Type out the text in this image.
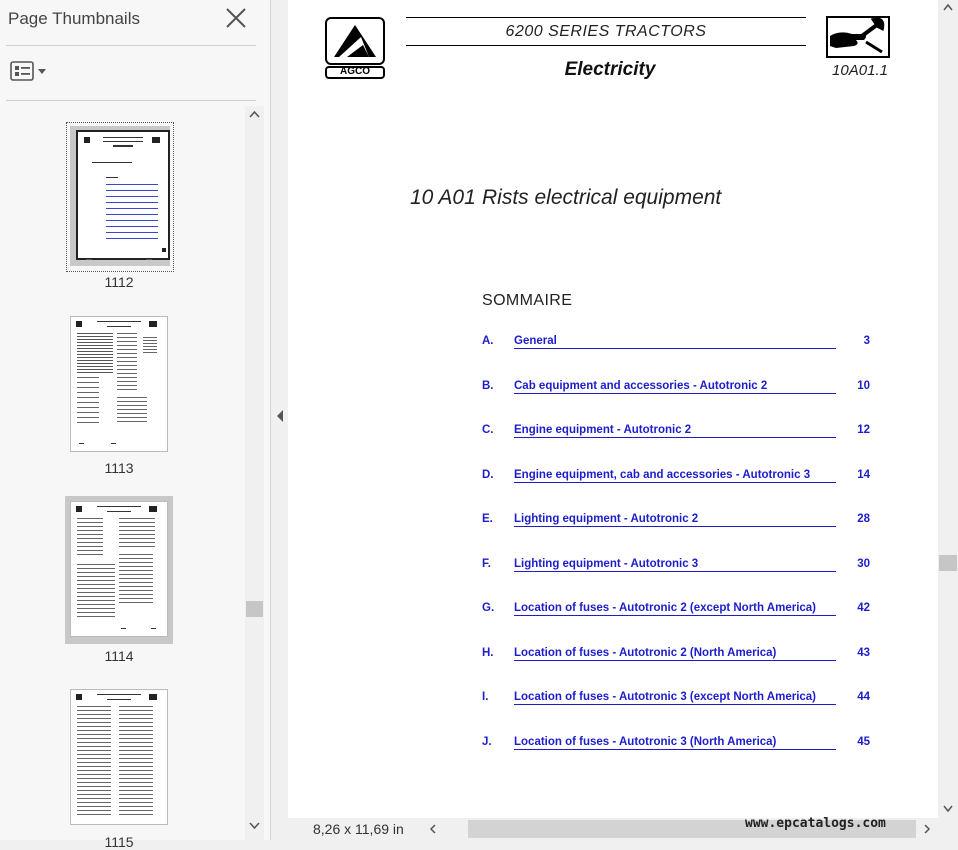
Page Thumbnails
1112
1113
1114
1115
AGCO
6200 SERIES TRACTORS
Electricity	10A01.1
10 A01 Rists electrical equipment
SOMMAIRE
A. General	3
B. Cab equipment and accessories - Autotronic 2	10
C. Engine equipment - Autotronic 2	12
D. Engine equipment, cab and accessories - Autotronic 3	14
E. Lighting equipment - Autotronic 2	28
F. Lighting equipment - Autotronic 3	30
G. Location of fuses - Autotronic 2 (except North America)	42
H. Location of fuses - Autotronic 2 (North America)	43
I. Location of fuses - Autotronic 3 (except North America)	44
J. Location of fuses - Autotronic 3 (North America)	45
8,26 x 11,69 in	www.epcatalogs.com
